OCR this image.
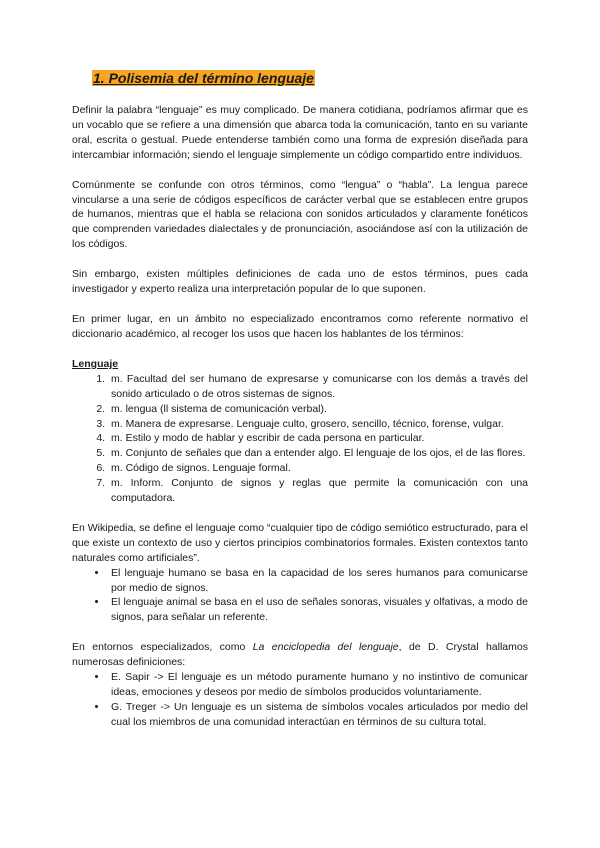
1. Polisemia del término lenguaje

Definir la palabra “lenguaje” es muy complicado. De manera cotidiana, podríamos afirmar que es un vocablo que se refiere a una dimensión que abarca toda la comunicación, tanto en su variante oral, escrita o gestual. Puede entenderse también como una forma de expresión diseñada para intercambiar información; siendo el lenguaje simplemente un código compartido entre individuos.

Comúnmente se confunde con otros términos, como “lengua” o “habla”. La lengua parece vincularse a una serie de códigos específicos de carácter verbal que se establecen entre grupos de humanos, mientras que el habla se relaciona con sonidos articulados y claramente fonéticos que comprenden variedades dialectales y de pronunciación, asociándose así con la utilización de los códigos.

Sin embargo, existen múltiples definiciones de cada uno de estos términos, pues cada investigador y experto realiza una interpretación popular de lo que suponen.

En primer lugar, en un ámbito no especializado encontramos como referente normativo el diccionario académico, al recoger los usos que hacen los hablantes de los términos:

Lenguaje
1. m. Facultad del ser humano de expresarse y comunicarse con los demás a través del sonido articulado o de otros sistemas de signos.
2. m. lengua (ll sistema de comunicación verbal).
3. m. Manera de expresarse. Lenguaje culto, grosero, sencillo, técnico, forense, vulgar.
4. m. Estilo y modo de hablar y escribir de cada persona en particular.
5. m. Conjunto de señales que dan a entender algo. El lenguaje de los ojos, el de las flores.
6. m. Código de signos. Lenguaje formal.
7. m. Inform. Conjunto de signos y reglas que permite la comunicación con una computadora.

En Wikipedia, se define el lenguaje como “cualquier tipo de código semiótico estructurado, para el que existe un contexto de uso y ciertos principios combinatorios formales. Existen contextos tanto naturales como artificiales”.

• El lenguaje humano se basa en la capacidad de los seres humanos para comunicarse por medio de signos.
• El lenguaje animal se basa en el uso de señales sonoras, visuales y olfativas, a modo de signos, para señalar un referente.

En entornos especializados, como La enciclopedia del lenguaje, de D. Crystal hallamos numerosas definiciones:

• E. Sapir -> El lenguaje es un método puramente humano y no instintivo de comunicar ideas, emociones y deseos por medio de símbolos producidos voluntariamente.
• G. Treger -> Un lenguaje es un sistema de símbolos vocales articulados por medio del cual los miembros de una comunidad interactúan en términos de su cultura total.
